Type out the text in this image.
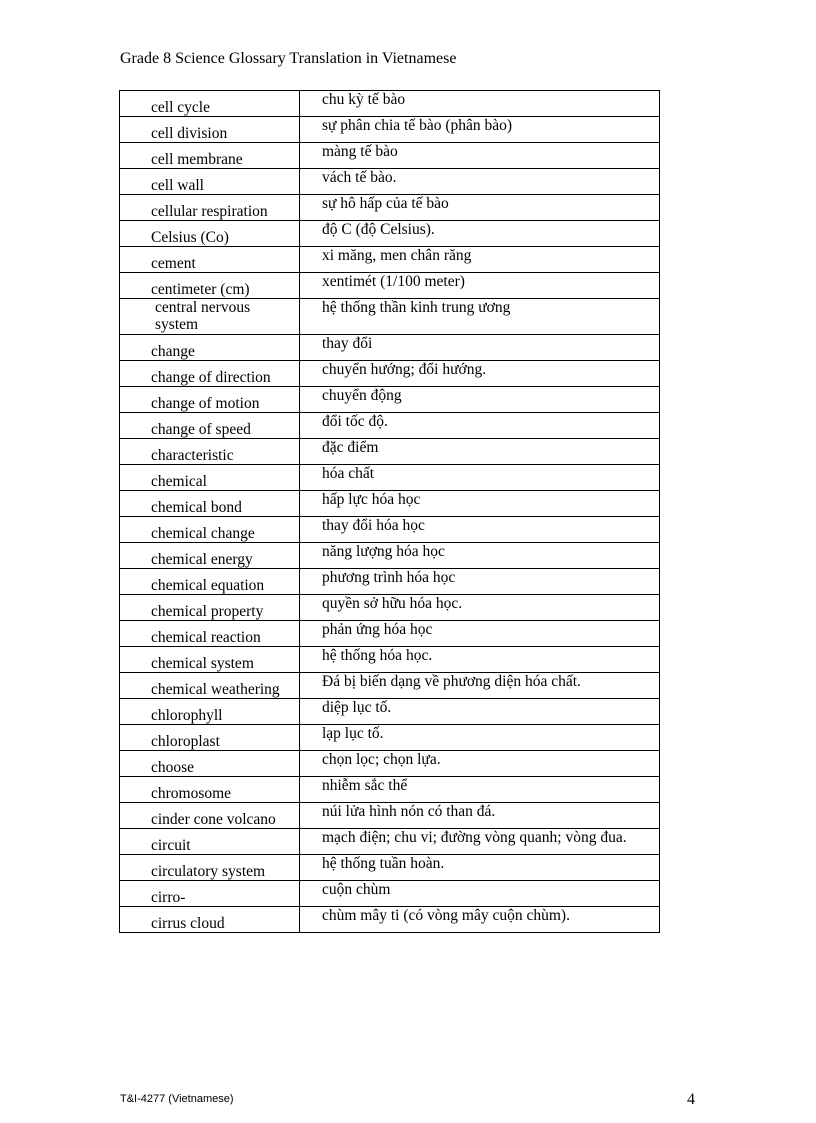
Grade 8 Science Glossary Translation in Vietnamese
cell cycle	chu kỳ tế bào
cell division	sự phân chia tế bào (phân bào)
cell membrane	màng tế bào
cell wall	vách tế bào.
cellular respiration	sự hô hấp của tế bào
Celsius (Co)	độ C (độ Celsius).
cement	xi măng, men chân răng
centimeter (cm)	xentimét (1/100 meter)
central nervous system	hệ thống thần kinh trung ương
change	thay đổi
change of direction	chuyển hướng; đổi hướng.
change of motion	chuyển động
change of speed	đổi tốc độ.
characteristic	đặc điểm
chemical	hóa chất
chemical bond	hấp lực hóa học
chemical change	thay đổi hóa học
chemical energy	năng lượng hóa học
chemical equation	phương trình hóa học
chemical property	quyền sở hữu hóa học.
chemical reaction	phản ứng hóa học
chemical system	hệ thống hóa học.
chemical weathering	Đá bị biến dạng về phương diện hóa chất.
chlorophyll	diệp lục tố.
chloroplast	lạp lục tố.
choose	chọn lọc; chọn lựa.
chromosome	nhiễm sắc thể
cinder cone volcano	núi lửa hình nón có than đá.
circuit	mạch điện; chu vi; đường vòng quanh; vòng đua.
circulatory system	hệ thống tuần hoàn.
cirro-	cuộn chùm
cirrus cloud	chùm mây ti (có vòng mây cuộn chùm).
T&I-4277 (Vietnamese)	4
